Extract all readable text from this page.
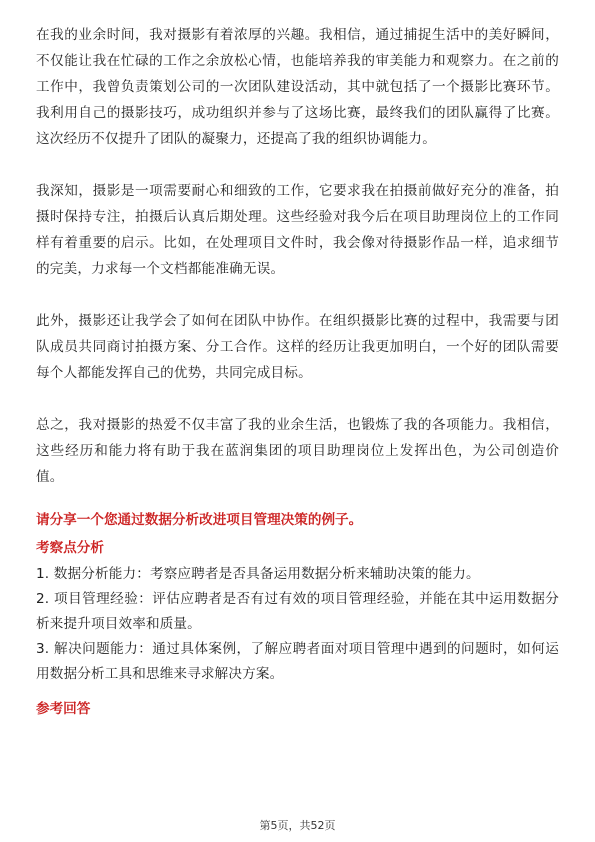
在我的业余时间，我对摄影有着浓厚的兴趣。我相信，通过捕捉生活中的美好瞬间，不仅能让我在忙碌的工作之余放松心情，也能培养我的审美能力和观察力。在之前的工作中，我曾负责策划公司的一次团队建设活动，其中就包括了一个摄影比赛环节。我利用自己的摄影技巧，成功组织并参与了这场比赛，最终我们的团队赢得了比赛。这次经历不仅提升了团队的凝聚力，还提高了我的组织协调能力。

我深知，摄影是一项需要耐心和细致的工作，它要求我在拍摄前做好充分的准备，拍摄时保持专注，拍摄后认真后期处理。这些经验对我今后在项目助理岗位上的工作同样有着重要的启示。比如，在处理项目文件时，我会像对待摄影作品一样，追求细节的完美，力求每一个文档都能准确无误。

此外，摄影还让我学会了如何在团队中协作。在组织摄影比赛的过程中，我需要与团队成员共同商讨拍摄方案、分工合作。这样的经历让我更加明白，一个好的团队需要每个人都能发挥自己的优势，共同完成目标。

总之，我对摄影的热爱不仅丰富了我的业余生活，也锻炼了我的各项能力。我相信，这些经历和能力将有助于我在蓝润集团的项目助理岗位上发挥出色，为公司创造价值。

请分享一个您通过数据分析改进项目管理决策的例子。
考察点分析
1. 数据分析能力：考察应聘者是否具备运用数据分析来辅助决策的能力。
2. 项目管理经验：评估应聘者是否有过有效的项目管理经验，并能在其中运用数据分析来提升项目效率和质量。
3. 解决问题能力：通过具体案例，了解应聘者面对项目管理中遇到的问题时，如何运用数据分析工具和思维来寻求解决方案。
参考回答
第5页，共52页
